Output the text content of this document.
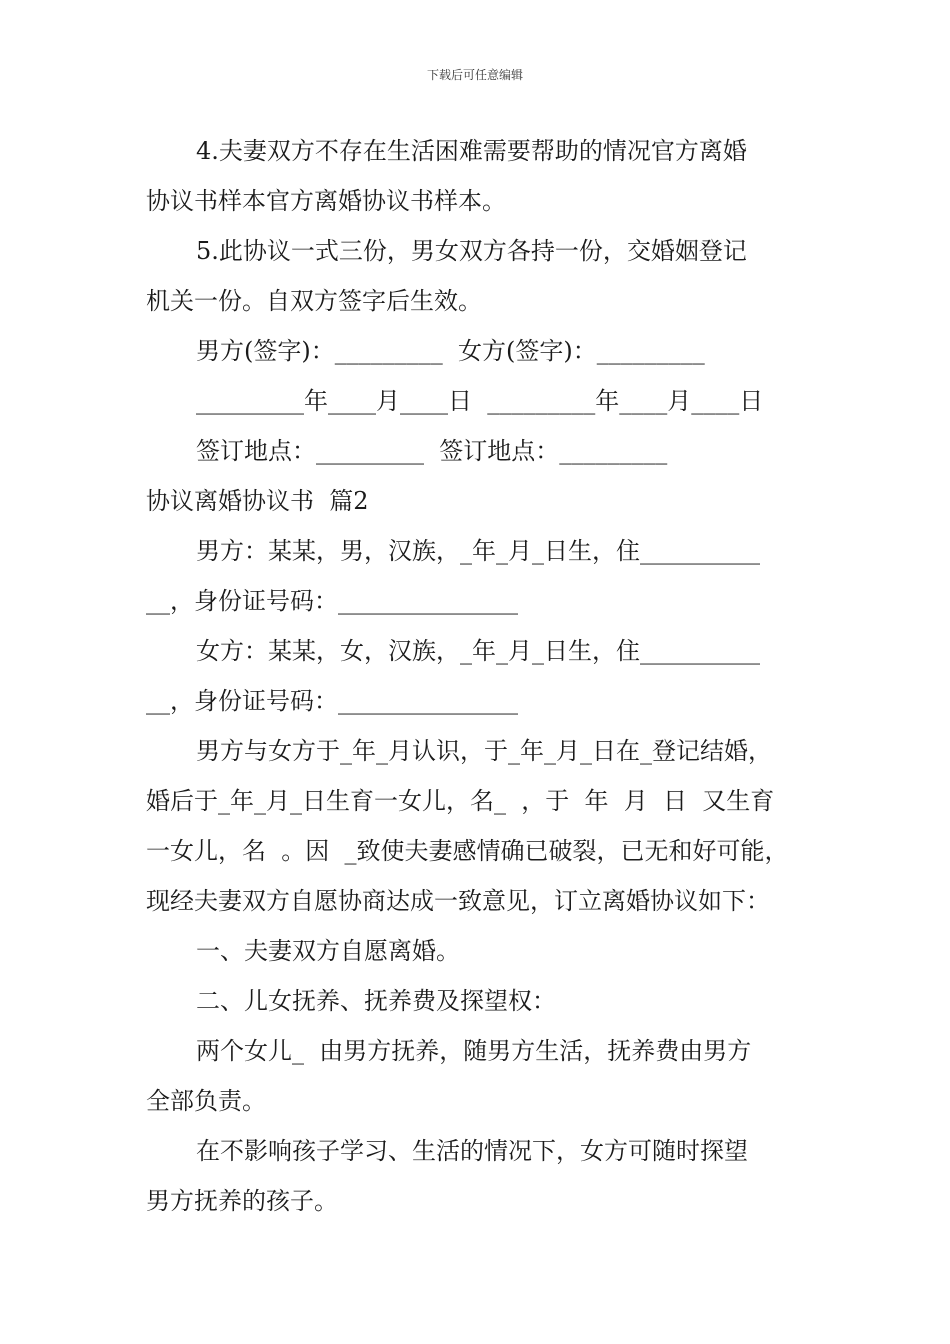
下载后可任意编辑
4.夫妻双方不存在生活困难需要帮助的情况官方离婚
协议书样本官方离婚协议书样本。
5.此协议一式三份，男女双方各持一份，交婚姻登记
机关一份。自双方签字后生效。
男方(签字)：_________  女方(签字)：_________
_________年____月____日  _________年____月____日
签订地点：_________  签订地点：_________
协议离婚协议书  篇2
男方：某某，男，汉族，_年_月_日生，住__________
__，身份证号码：_______________
女方：某某，女，汉族，_年_月_日生，住__________
__，身份证号码：_______________
男方与女方于_年_月认识，于_年_月_日在_登记结婚，
婚后于_年_月_日生育一女儿，名_  ，于  年  月  日  又生育
一女儿，名  。因  _致使夫妻感情确已破裂，已无和好可能，
现经夫妻双方自愿协商达成一致意见，订立离婚协议如下：
一、夫妻双方自愿离婚。
二、儿女抚养、抚养费及探望权：
两个女儿_  由男方抚养，随男方生活，抚养费由男方
全部负责。
在不影响孩子学习、生活的情况下，女方可随时探望
男方抚养的孩子。
